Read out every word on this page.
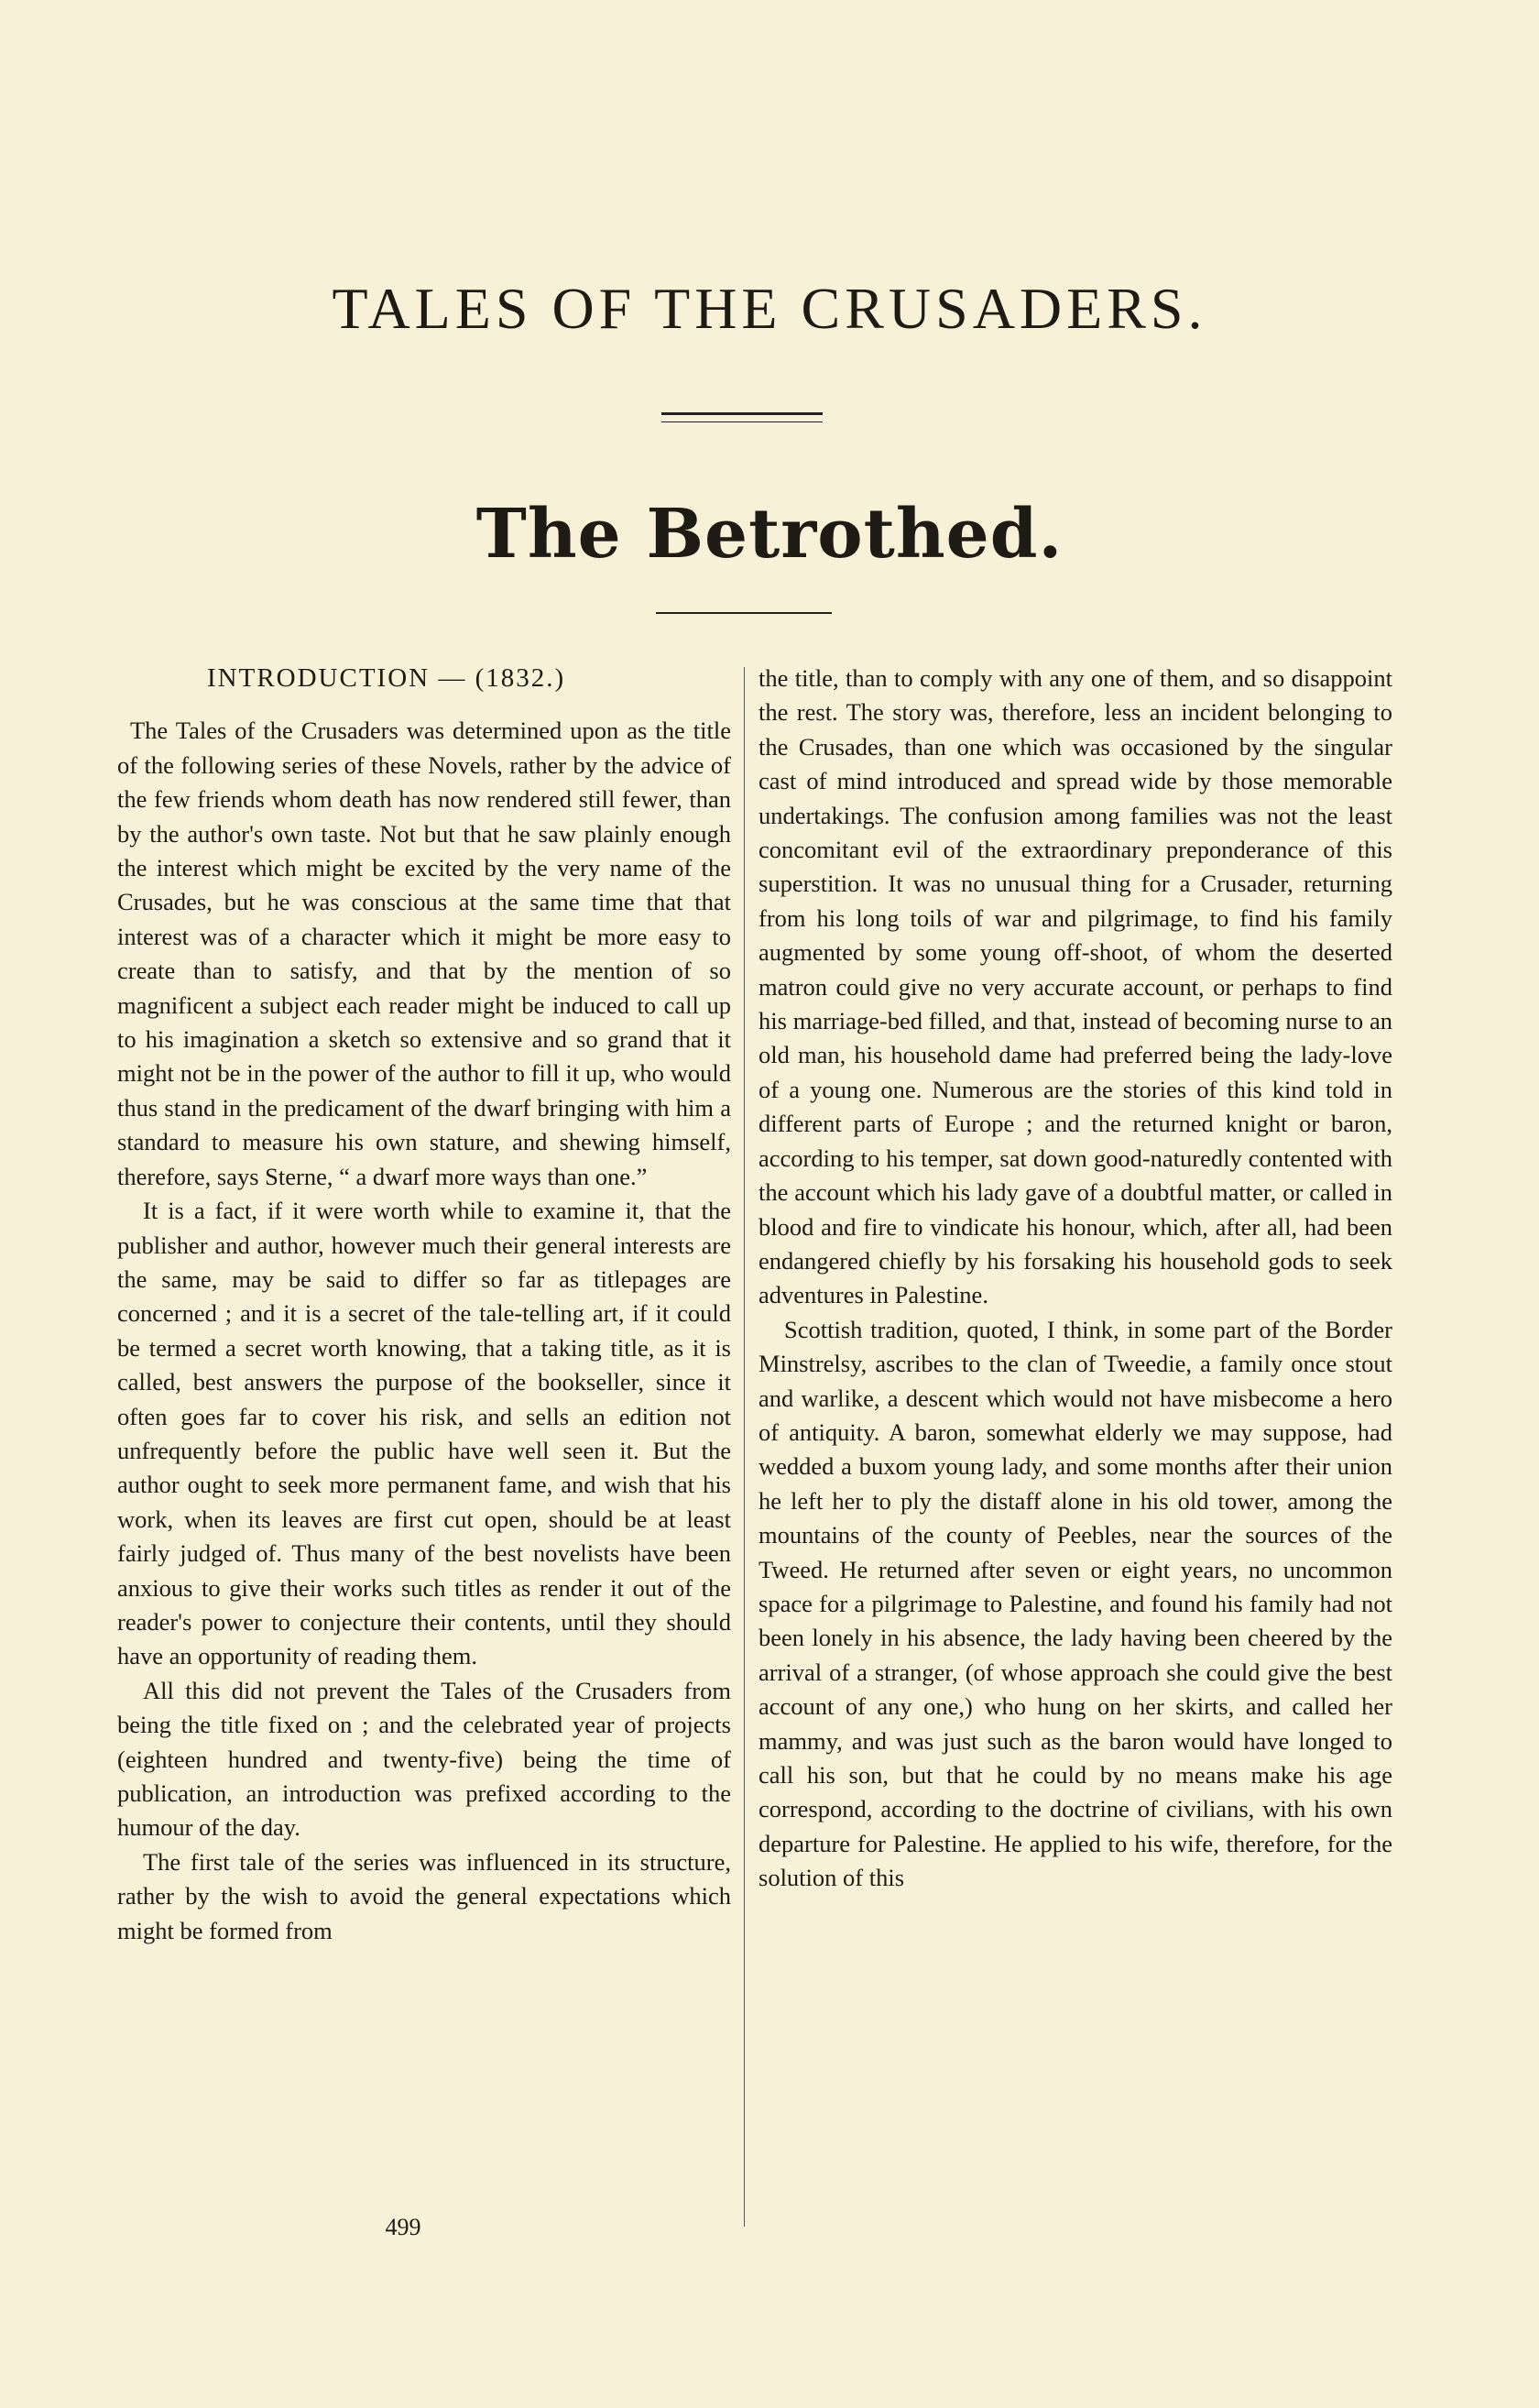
TALES OF THE CRUSADERS.
The Betrothed.
INTRODUCTION — (1832.)

The Tales of the Crusaders was determined upon as the title of the following series of these Novels, rather by the advice of the few friends whom death has now rendered still fewer, than by the author's own taste. Not but that he saw plainly enough the interest which might be excited by the very name of the Crusades, but he was conscious at the same time that that interest was of a character which it might be more easy to create than to satisfy, and that by the mention of so magnificent a subject each reader might be induced to call up to his imagination a sketch so extensive and so grand that it might not be in the power of the author to fill it up, who would thus stand in the predicament of the dwarf bringing with him a standard to measure his own stature, and shewing himself, therefore, says Sterne, “ a dwarf more ways than one.”

It is a fact, if it were worth while to examine it, that the publisher and author, however much their general interests are the same, may be said to differ so far as titlepages are concerned ; and it is a secret of the tale-telling art, if it could be termed a secret worth knowing, that a taking title, as it is called, best answers the purpose of the bookseller, since it often goes far to cover his risk, and sells an edition not unfrequently before the public have well seen it. But the author ought to seek more permanent fame, and wish that his work, when its leaves are first cut open, should be at least fairly judged of. Thus many of the best novelists have been anxious to give their works such titles as render it out of the reader's power to conjecture their contents, until they should have an opportunity of reading them.

All this did not prevent the Tales of the Crusaders from being the title fixed on ; and the celebrated year of projects (eighteen hundred and twenty-five) being the time of publication, an introduction was prefixed according to the humour of the day.

The first tale of the series was influenced in its structure, rather by the wish to avoid the general expectations which might be formed from

the title, than to comply with any one of them, and so disappoint the rest. The story was, therefore, less an incident belonging to the Crusades, than one which was occasioned by the singular cast of mind introduced and spread wide by those memorable undertakings. The confusion among families was not the least concomitant evil of the extraordinary preponderance of this superstition. It was no unusual thing for a Crusader, returning from his long toils of war and pilgrimage, to find his family augmented by some young off-shoot, of whom the deserted matron could give no very accurate account, or perhaps to find his marriage-bed filled, and that, instead of becoming nurse to an old man, his household dame had preferred being the lady-love of a young one. Numerous are the stories of this kind told in different parts of Europe ; and the returned knight or baron, according to his temper, sat down good-naturedly contented with the account which his lady gave of a doubtful matter, or called in blood and fire to vindicate his honour, which, after all, had been endangered chiefly by his forsaking his household gods to seek adventures in Palestine.

Scottish tradition, quoted, I think, in some part of the Border Minstrelsy, ascribes to the clan of Tweedie, a family once stout and warlike, a descent which would not have misbecome a hero of antiquity. A baron, somewhat elderly we may suppose, had wedded a buxom young lady, and some months after their union he left her to ply the distaff alone in his old tower, among the mountains of the county of Peebles, near the sources of the Tweed. He returned after seven or eight years, no uncommon space for a pilgrimage to Palestine, and found his family had not been lonely in his absence, the lady having been cheered by the arrival of a stranger, (of whose approach she could give the best account of any one,) who hung on her skirts, and called her mammy, and was just such as the baron would have longed to call his son, but that he could by no means make his age correspond, according to the doctrine of civilians, with his own departure for Palestine. He applied to his wife, therefore, for the solution of this

499
